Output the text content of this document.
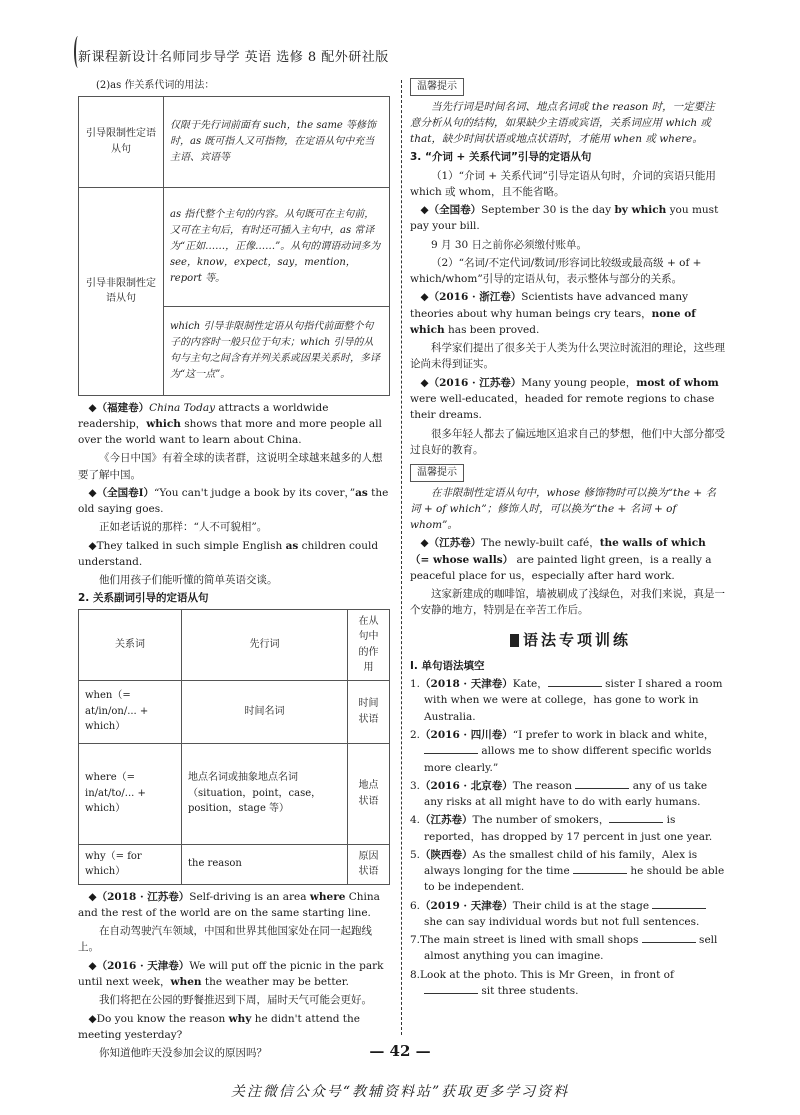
新课程新设计名师同步导学 英语 选修 8 配外研社版

(2)as 作关系代词的用法：

引导限制性定语从句	仅限于先行词前面有 such，the same 等修饰时，as 既可指人又可指物，在定语从句中充当主语、宾语等
引导非限制性定语从句	as 指代整个主句的内容。从句既可在主句前，又可在主句后，有时还可插入主句中，as 常译为“正如……，正像……”。从句的谓语动词多为 see，know，expect，say，mention，report 等。
	which 引导非限制性定语从句指代前面整个句子的内容时一般只位于句末；which 引导的从句与主句之间含有并列关系或因果关系时，多译为“这一点”。

◆（福建卷）China Today attracts a worldwide readership，which shows that more and more people all over the world want to learn about China.

《今日中国》有着全球的读者群，这说明全球越来越多的人想要了解中国。

◆（全国卷Ⅰ）“You can't judge a book by its cover，”as the old saying goes.

正如老话说的那样：“人不可貌相”。

◆They talked in such simple English as children could understand.

他们用孩子们能听懂的简单英语交谈。

2. 关系副词引导的定语从句

关系词	先行词	在从句中的作用
when（= at/in/on/... + which）	时间名词	时间状语
where（= in/at/to/... + which）	地点名词或抽象地点名词（situation，point，case，position，stage 等）	地点状语
why（= for which）	the reason	原因状语

◆（2018 · 江苏卷）Self-driving is an area where China and the rest of the world are on the same starting line.

在自动驾驶汽车领域，中国和世界其他国家处在同一起跑线上。

◆（2016 · 天津卷）We will put off the picnic in the park until next week，when the weather may be better.

我们将把在公园的野餐推迟到下周，届时天气可能会更好。

◆Do you know the reason why he didn't attend the meeting yesterday?

你知道他昨天没参加会议的原因吗？

温馨提示

当先行词是时间名词、地点名词或 the reason 时，一定要注意分析从句的结构，如果缺少主语或宾语，关系词应用 which 或 that，缺少时间状语或地点状语时，才能用 when 或 where。

3. “介词 + 关系代词”引导的定语从句

（1）“介词 + 关系代词”引导定语从句时，介词的宾语只能用 which 或 whom，且不能省略。

◆（全国卷）September 30 is the day by which you must pay your bill.

9 月 30 日之前你必须缴付账单。

（2）“名词/不定代词/数词/形容词比较级或最高级 + of + which/whom”引导的定语从句，表示整体与部分的关系。

◆（2016 · 浙江卷）Scientists have advanced many theories about why human beings cry tears，none of which has been proved.

科学家们提出了很多关于人类为什么哭泣时流泪的理论，这些理论尚未得到证实。

◆（2016 · 江苏卷）Many young people，most of whom were well-educated，headed for remote regions to chase their dreams.

很多年轻人都去了偏远地区追求自己的梦想，他们中大部分都受过良好的教育。

温馨提示

在非限制性定语从句中，whose 修饰物时可以换为“the + 名词 + of which”；修饰人时，可以换为“the + 名词 + of whom”。

◆（江苏卷）The newly-built café，the walls of which（= whose walls） are painted light green，is a really a peaceful place for us，especially after hard work.

这家新建成的咖啡馆，墙被刷成了浅绿色，对我们来说，真是一个安静的地方，特别是在辛苦工作后。

语法专项训练

Ⅰ. 单句语法填空

1.（2018 · 天津卷）Kate，	sister I shared a room with when we were at college，has gone to work in Australia.

2.（2016 · 四川卷）“I prefer to work in black and white， allows me to show different specific worlds more clearly.”

3.（2016 · 北京卷）The reason	any of us take any risks at all might have to do with early humans.

4.（江苏卷）The number of smokers，	is reported，has dropped by 17 percent in just one year.

5.（陕西卷）As the smallest child of his family，Alex is always longing for the time	he should be able to be independent.

6.（2019 · 天津卷）Their child is at the stage  she can say individual words but not full sentences.

7.The main street is lined with small shops	sell almost anything you can imagine.

8.Look at the photo. This is Mr Green，in front of  sit three students.

— 42 —
关注微信公众号“教辅资料站”获取更多学习资料
